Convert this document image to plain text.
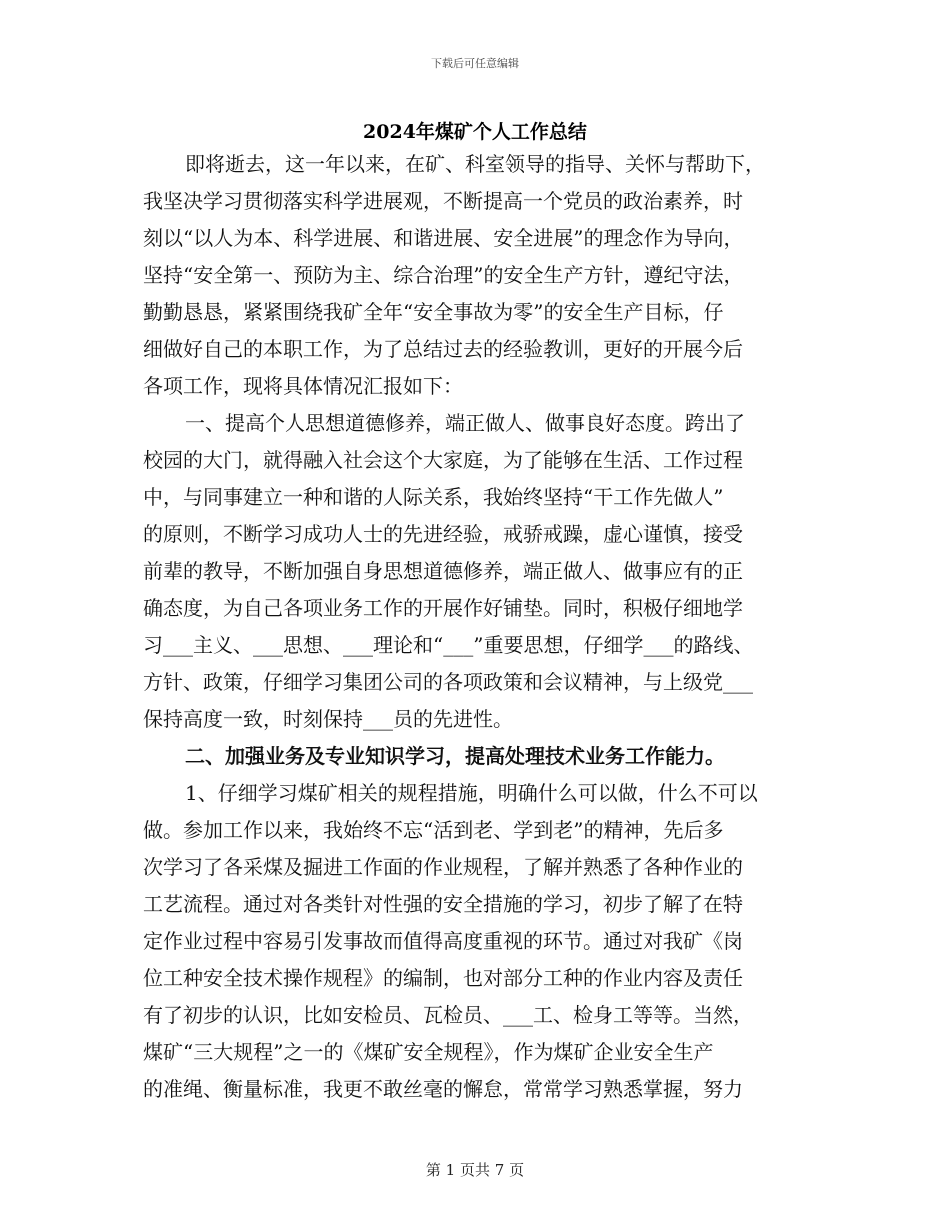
下载后可任意编辑
2024年煤矿个人工作总结
即将逝去，这一年以来，在矿、科室领导的指导、关怀与帮助下，
我坚决学习贯彻落实科学进展观，不断提高一个党员的政治素养，时
刻以“以人为本、科学进展、和谐进展、安全进展”的理念作为导向，
坚持“安全第一、预防为主、综合治理”的安全生产方针，遵纪守法，
勤勤恳恳，紧紧围绕我矿全年“安全事故为零”的安全生产目标，仔
细做好自己的本职工作，为了总结过去的经验教训，更好的开展今后
各项工作，现将具体情况汇报如下：
一、提高个人思想道德修养，端正做人、做事良好态度。跨出了
校园的大门，就得融入社会这个大家庭，为了能够在生活、工作过程
中，与同事建立一种和谐的人际关系，我始终坚持“干工作先做人”
的原则，不断学习成功人士的先进经验，戒骄戒躁，虚心谨慎，接受
前辈的教导，不断加强自身思想道德修养，端正做人、做事应有的正
确态度，为自己各项业务工作的开展作好铺垫。同时，积极仔细地学
习___主义、___思想、___理论和“___”重要思想，仔细学___的路线、
方针、政策，仔细学习集团公司的各项政策和会议精神，与上级党___
保持高度一致，时刻保持___员的先进性。
二、加强业务及专业知识学习，提高处理技术业务工作能力。
1、仔细学习煤矿相关的规程措施，明确什么可以做，什么不可以
做。参加工作以来，我始终不忘“活到老、学到老”的精神，先后多
次学习了各采煤及掘进工作面的作业规程，了解并熟悉了各种作业的
工艺流程。通过对各类针对性强的安全措施的学习，初步了解了在特
定作业过程中容易引发事故而值得高度重视的环节。通过对我矿《岗
位工种安全技术操作规程》的编制，也对部分工种的作业内容及责任
有了初步的认识，比如安检员、瓦检员、___工、检身工等等。当然，
煤矿“三大规程”之一的《煤矿安全规程》，作为煤矿企业安全生产
的准绳、衡量标准，我更不敢丝毫的懈怠，常常学习熟悉掌握，努力
第 1 页共 7 页
